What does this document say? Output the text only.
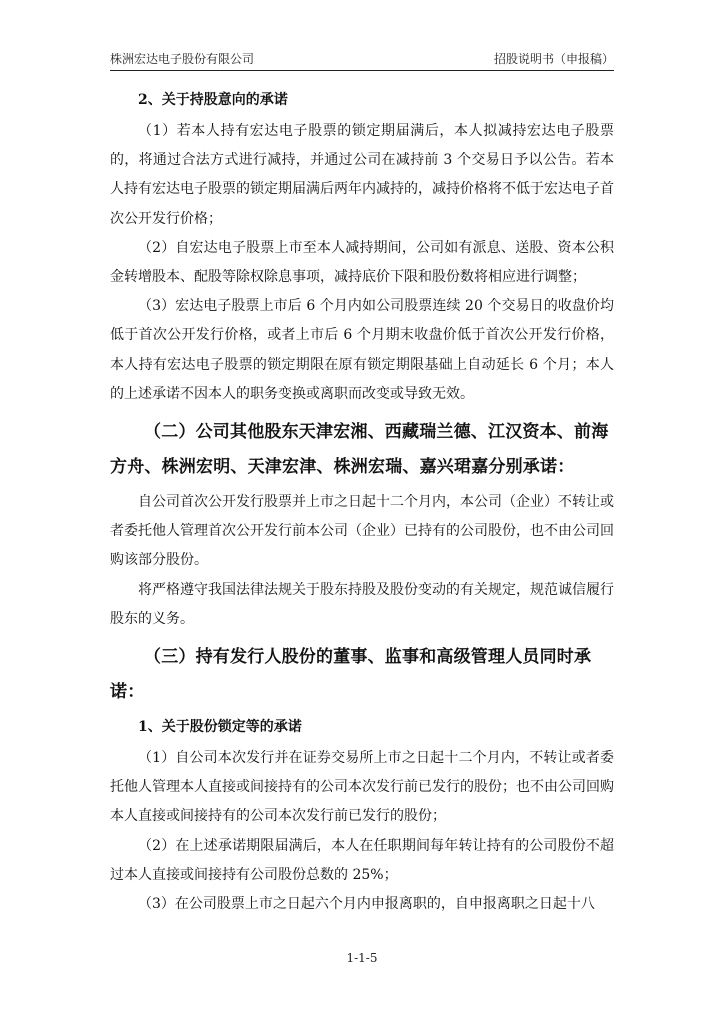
株洲宏达电子股份有限公司	招股说明书（申报稿）
2、关于持股意向的承诺

（1）若本人持有宏达电子股票的锁定期届满后，本人拟减持宏达电子股票的，将通过合法方式进行减持，并通过公司在减持前 3 个交易日予以公告。若本人持有宏达电子股票的锁定期届满后两年内减持的，减持价格将不低于宏达电子首次公开发行价格；

（2）自宏达电子股票上市至本人减持期间，公司如有派息、送股、资本公积金转增股本、配股等除权除息事项，减持底价下限和股份数将相应进行调整；

（3）宏达电子股票上市后 6 个月内如公司股票连续 20 个交易日的收盘价均低于首次公开发行价格，或者上市后 6 个月期末收盘价低于首次公开发行价格，本人持有宏达电子股票的锁定期限在原有锁定期限基础上自动延长 6 个月；本人的上述承诺不因本人的职务变换或离职而改变或导致无效。

（二）公司其他股东天津宏湘、西藏瑞兰德、江汉资本、前海方舟、株洲宏明、天津宏津、株洲宏瑞、嘉兴珺嘉分别承诺：

自公司首次公开发行股票并上市之日起十二个月内，本公司（企业）不转让或者委托他人管理首次公开发行前本公司（企业）已持有的公司股份，也不由公司回购该部分股份。

将严格遵守我国法律法规关于股东持股及股份变动的有关规定，规范诚信履行股东的义务。

（三）持有发行人股份的董事、监事和高级管理人员同时承诺：
1、关于股份锁定等的承诺

（1）自公司本次发行并在证券交易所上市之日起十二个月内，不转让或者委托他人管理本人直接或间接持有的公司本次发行前已发行的股份；也不由公司回购本人直接或间接持有的公司本次发行前已发行的股份；

（2）在上述承诺期限届满后，本人在任职期间每年转让持有的公司股份不超过本人直接或间接持有公司股份总数的 25%；

（3）在公司股票上市之日起六个月内申报离职的，自申报离职之日起十八

1-1-5
